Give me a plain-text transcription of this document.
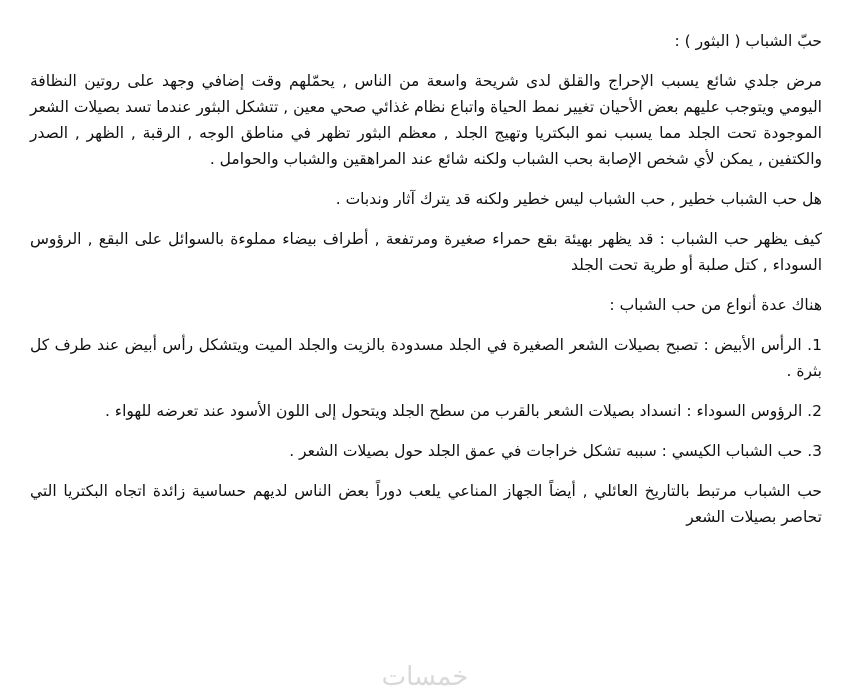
حبّ الشباب ( البثور ) :

مرض جلدي شائع يسبب الإحراج والقلق لدى شريحة واسعة من الناس , يحمّلهم وقت إضافي وجهد على روتين النظافة اليومي ويتوجب عليهم بعض الأحيان تغيير نمط الحياة واتباع نظام غذائي صحي معين , تتشكل البثور عندما تسد بصيلات الشعر الموجودة تحت الجلد مما يسبب نمو البكتريا وتهيج الجلد , معظم البثور تظهر في مناطق الوجه , الرقبة , الظهر , الصدر والكتفين , يمكن لأي شخص الإصابة بحب الشباب ولكنه شائع عند المراهقين والشباب والحوامل .

هل حب الشباب خطير , حب الشباب ليس خطير ولكنه قد يترك آثار وندبات .

كيف يظهر حب الشباب : قد يظهر بهيئة بقع حمراء صغيرة ومرتفعة , أطراف بيضاء مملوءة بالسوائل على البقع , الرؤوس السوداء , كتل صلبة أو طرية تحت الجلد

هناك عدة أنواع من حب الشباب :

1. الرأس الأبيض : تصبح بصيلات الشعر الصغيرة في الجلد مسدودة بالزيت والجلد الميت ويتشكل رأس أبيض عند طرف كل بثرة .

2. الرؤوس السوداء : انسداد بصيلات الشعر بالقرب من سطح الجلد ويتحول إلى اللون الأسود عند تعرضه للهواء .

3. حب الشباب الكيسي : سببه تشكل خراجات في عمق الجلد حول بصيلات الشعر .

حب الشباب مرتبط بالتاريخ العائلي , أيضاً الجهاز المناعي يلعب دوراً بعض الناس لديهم حساسية زائدة اتجاه البكتريا التي تحاصر بصيلات الشعر

خمسات
